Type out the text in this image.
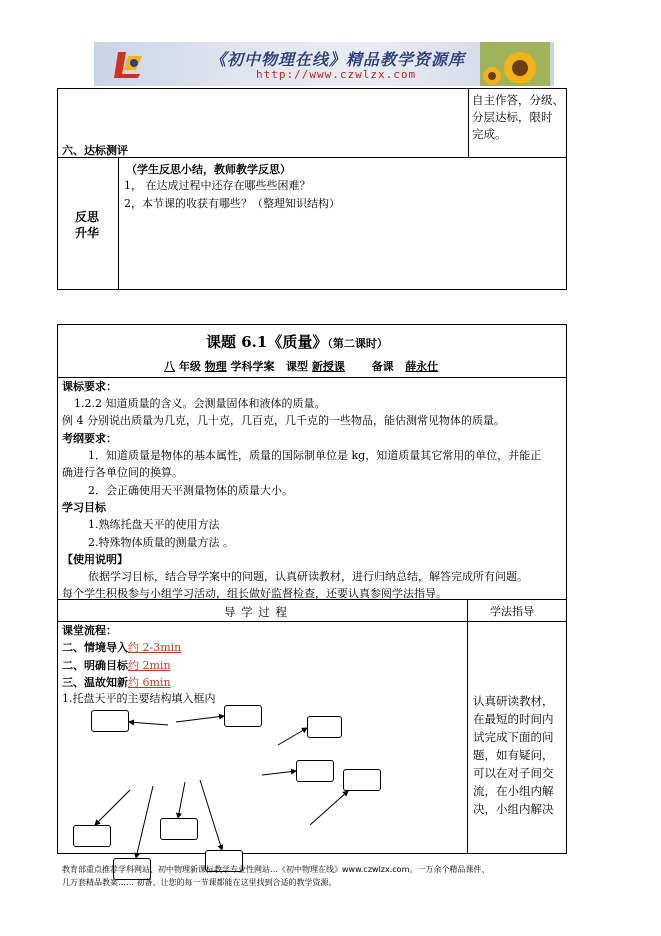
《初中物理在线》精品教学资源库
http://www.czwlzx.com
自主作答，分级、
分层达标，限时
完成。
六、达标测评
反思
升华
（学生反思小结，教师教学反思）
1， 在达成过程中还存在哪些些困难？
2，本节课的收获有哪些？（整理知识结构）
课题 6.1《质量》（第二课时）
八 年级 物理 学科学案 课型 新授课 备课 薛永仕
课标要求：
1.2.2 知道质量的含义。会测量固体和液体的质量。
例 4 分别说出质量为几克，几十克，几百克，几千克的一些物品，能估测常见物体的质量。
考纲要求：
1．知道质量是物体的基本属性，质量的国际制单位是 kg，知道质量其它常用的单位，并能正
确进行各单位间的换算。
2．会正确使用天平测量物体的质量大小。
学习目标
1.熟练托盘天平的使用方法
2.特殊物体质量的测量方法 。
【使用说明】
依据学习目标，结合导学案中的问题，认真研读教材，进行归纳总结，解答完成所有问题。
每个学生积极参与小组学习活动，组长做好监督检查，还要认真参阅学法指导。
导 学 过 程	学法指导
课堂流程：
二、情境导入约 2-3min
二、明确目标约 2min
三、温故知新约 6min
1.托盘天平的主要结构填入框内	认真研读教材，
在最短的时间内
试完成下面的问
题，如有疑问，
可以在对子间交
流，在小组内解
决，小组内解决
教育部重点推荐学科网站、初中物理新课标教学专业性网站…《初中物理在线》www.czwlzx.com。一万余个精品课件、
几万套精品教案…… 初备、让您的每一节课都能在这里找到合适的教学资源。
